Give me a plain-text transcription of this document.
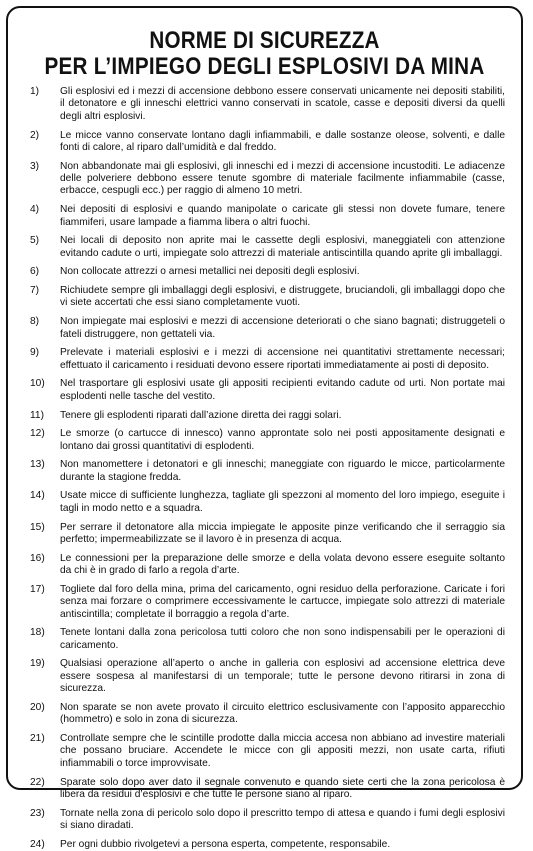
NORME DI SICUREZZA
PER L’IMPIEGO DEGLI ESPLOSIVI DA MINA
1)	Gli esplosivi ed i mezzi di accensione debbono essere conservati unicamente nei depositi stabiliti, il detonatore e gli inneschi elettrici vanno conservati in scatole, casse e depositi diversi da quelli degli altri esplosivi.
2)	Le micce vanno conservate lontano dagli infiammabili, e dalle sostanze oleose, solventi, e dalle fonti di calore, al riparo dall’umidità e dal freddo.
3)	Non abbandonate mai gli esplosivi, gli inneschi ed i mezzi di accensione incustoditi. Le adiacenze delle polveriere debbono essere tenute sgombre di materiale facilmente infiammabile (casse, erbacce, cespugli ecc.) per raggio di almeno 10 metri.
4)	Nei depositi di esplosivi e quando manipolate o caricate gli stessi non dovete fumare, tenere fiammiferi, usare lampade a fiamma libera o altri fuochi.
5)	Nei locali di deposito non aprite mai le cassette degli esplosivi, maneggiateli con attenzione evitando cadute o urti, impiegate solo attrezzi di materiale antiscintilla quando aprite gli imballaggi.
6)	Non collocate attrezzi o arnesi metallici nei depositi degli esplosivi.
7)	Richiudete sempre gli imballaggi degli esplosivi, e distruggete, bruciandoli, gli imballaggi dopo che vi siete accertati che essi siano completamente vuoti.
8)	Non impiegate mai esplosivi e mezzi di accensione deteriorati o che siano bagnati; distruggeteli o fateli distruggere, non gettateli via.
9)	Prelevate i materiali esplosivi e i mezzi di accensione nei quantitativi strettamente necessari; effettuato il caricamento i residuati devono essere riportati immediatamente ai posti di deposito.
10)	Nel trasportare gli esplosivi usate gli appositi recipienti evitando cadute od urti. Non portate mai esplodenti nelle tasche del vestito.
11)	Tenere gli esplodenti riparati dall’azione diretta dei raggi solari.
12)	Le smorze (o cartucce di innesco) vanno approntate solo nei posti appositamente designati e lontano dai grossi quantitativi di esplodenti.
13)	Non manomettere i detonatori e gli inneschi; maneggiate con riguardo le micce, particolarmente durante la stagione fredda.
14)	Usate micce di sufficiente lunghezza, tagliate gli spezzoni al momento del loro impiego, eseguite i tagli in modo netto e a squadra.
15)	Per serrare il detonatore alla miccia impiegate le apposite pinze verificando che il serraggio sia perfetto; impermeabilizzate se il lavoro è in presenza di acqua.
16)	Le connessioni per la preparazione delle smorze e della volata devono essere eseguite soltanto da chi è in grado di farlo a regola d’arte.
17)	Togliete dal foro della mina, prima del caricamento, ogni residuo della perforazione. Caricate i fori senza mai forzare o comprimere eccessivamente le cartucce, impiegate solo attrezzi di materiale antiscintilla; completate il borraggio a regola d’arte.
18)	Tenete lontani dalla zona pericolosa tutti coloro che non sono indispensabili per le operazioni di caricamento.
19)	Qualsiasi operazione all’aperto o anche in galleria con esplosivi ad accensione elettrica deve essere sospesa al manifestarsi di un temporale; tutte le persone devono ritirarsi in zona di sicurezza.
20)	Non sparate se non avete provato il circuito elettrico esclusivamente con l’apposito apparecchio (hommetro) e solo in zona di sicurezza.
21)	Controllate sempre che le scintille prodotte dalla miccia accesa non abbiano ad investire materiali che possano bruciare. Accendete le micce con gli appositi mezzi, non usate carta, rifiuti infiammabili o torce improvvisate.
22)	Sparate solo dopo aver dato il segnale convenuto e quando siete certi che la zona pericolosa è libera da residui d’esplosivi e che tutte le persone siano al riparo.
23)	Tornate nella zona di pericolo solo dopo il prescritto tempo di attesa e quando i fumi degli esplosivi si siano diradati.
24)	Per ogni dubbio rivolgetevi a persona esperta, competente, responsabile.
